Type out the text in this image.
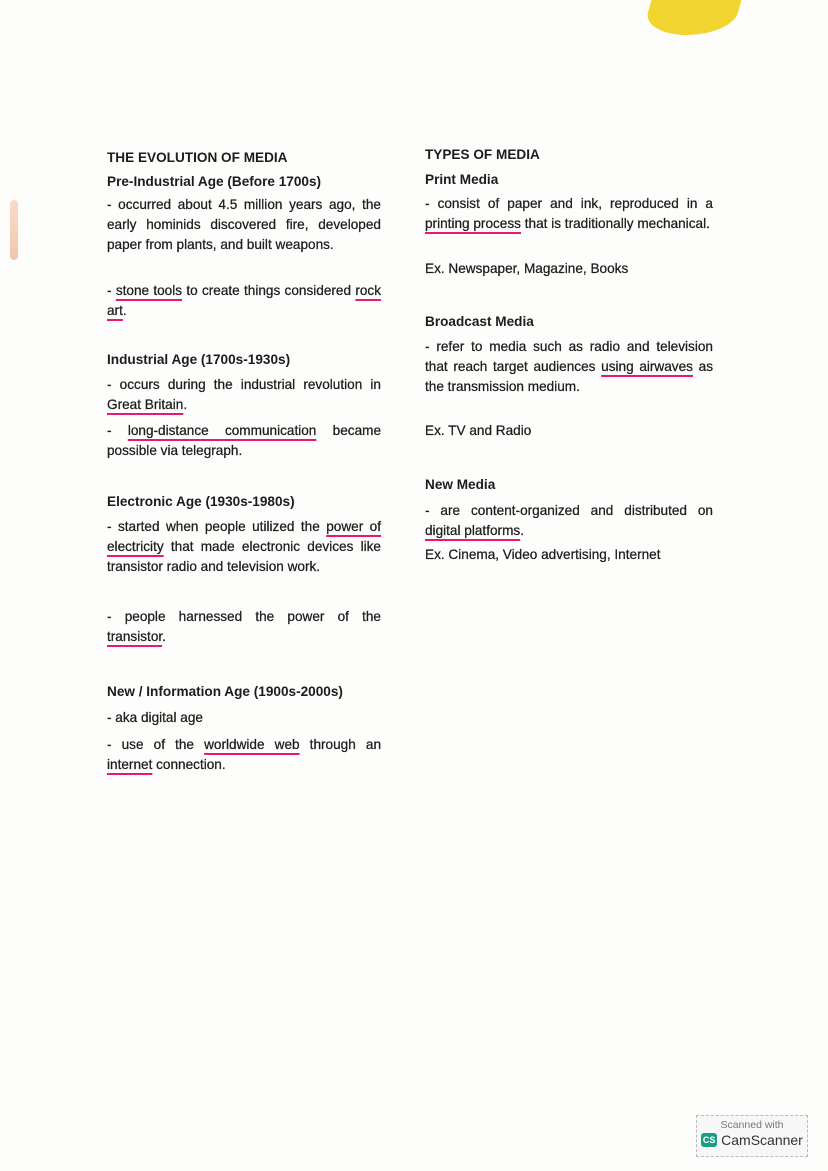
THE EVOLUTION OF MEDIA
Pre-Industrial Age (Before 1700s)
- occurred about 4.5 million years ago, the early hominids discovered fire, developed paper from plants, and built weapons.
- stone tools to create things considered rock art.
Industrial Age (1700s-1930s)
- occurs during the industrial revolution in Great Britain.
- long-distance communication became possible via telegraph.
Electronic Age (1930s-1980s)
- started when people utilized the power of electricity that made electronic devices like transistor radio and television work.
- people harnessed the power of the transistor.
New / Information Age (1900s-2000s)
- aka digital age
- use of the worldwide web through an internet connection.
TYPES OF MEDIA
Print Media
- consist of paper and ink, reproduced in a printing process that is traditionally mechanical.
Ex. Newspaper, Magazine, Books
Broadcast Media
- refer to media such as radio and television that reach target audiences using airwaves as the transmission medium.
Ex. TV and Radio
New Media
- are content-organized and distributed on digital platforms.
Ex. Cinema, Video advertising, Internet
Scanned with
CS CamScanner
